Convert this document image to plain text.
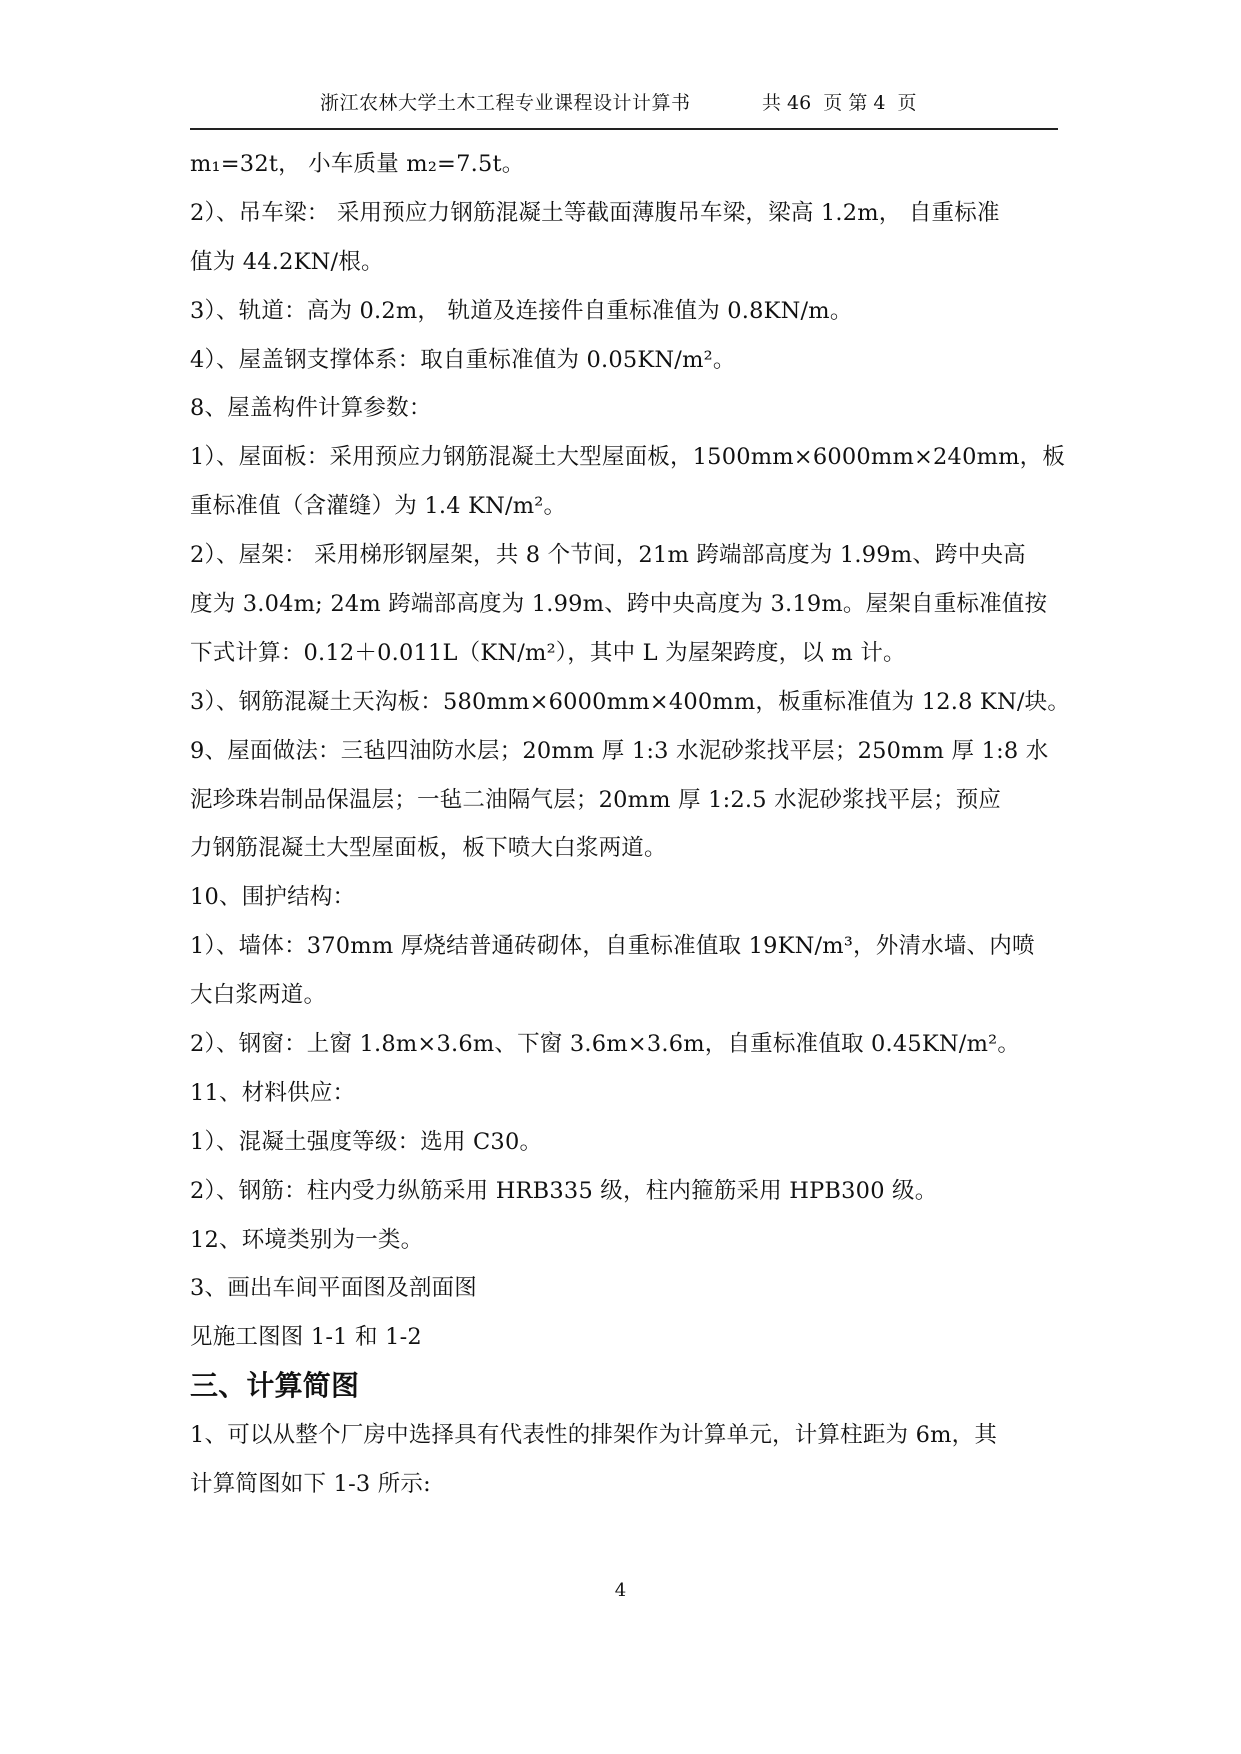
浙江农林大学土木工程专业课程设计计算书	共 46  页 第 4  页
m₁=32t， 小车质量 m₂=7.5t。
2）、吊车梁： 采用预应力钢筋混凝土等截面薄腹吊车梁，梁高 1.2m， 自重标准
值为 44.2KN/根。
3）、轨道：高为 0.2m， 轨道及连接件自重标准值为 0.8KN/m。
4）、屋盖钢支撑体系：取自重标准值为 0.05KN/m²。
8、屋盖构件计算参数：
1）、屋面板：采用预应力钢筋混凝土大型屋面板，1500mm×6000mm×240mm，板
重标准值（含灌缝）为 1.4 KN/m²。
2）、屋架： 采用梯形钢屋架，共 8 个节间，21m 跨端部高度为 1.99m、跨中央高
度为 3.04m; 24m 跨端部高度为 1.99m、跨中央高度为 3.19m。屋架自重标准值按
下式计算：0.12＋0.011L（KN/m²），其中 L 为屋架跨度，以 m 计。
3）、钢筋混凝土天沟板：580mm×6000mm×400mm，板重标准值为 12.8 KN/块。
9、屋面做法：三毡四油防水层；20mm 厚 1:3 水泥砂浆找平层；250mm 厚 1:8 水
泥珍珠岩制品保温层；一毡二油隔气层；20mm 厚 1:2.5 水泥砂浆找平层；预应
力钢筋混凝土大型屋面板，板下喷大白浆两道。
10、围护结构：
1）、墙体：370mm 厚烧结普通砖砌体，自重标准值取 19KN/m³，外清水墙、内喷
大白浆两道。
2）、钢窗：上窗 1.8m×3.6m、下窗 3.6m×3.6m，自重标准值取 0.45KN/m²。
11、材料供应：
1）、混凝土强度等级：选用 C30。
2）、钢筋：柱内受力纵筋采用 HRB335 级，柱内箍筋采用 HPB300 级。
12、环境类别为一类。
3、画出车间平面图及剖面图
见施工图图 1-1 和 1-2
三、计算简图
1、可以从整个厂房中选择具有代表性的排架作为计算单元，计算柱距为 6m，其
计算简图如下 1-3 所示:
4
